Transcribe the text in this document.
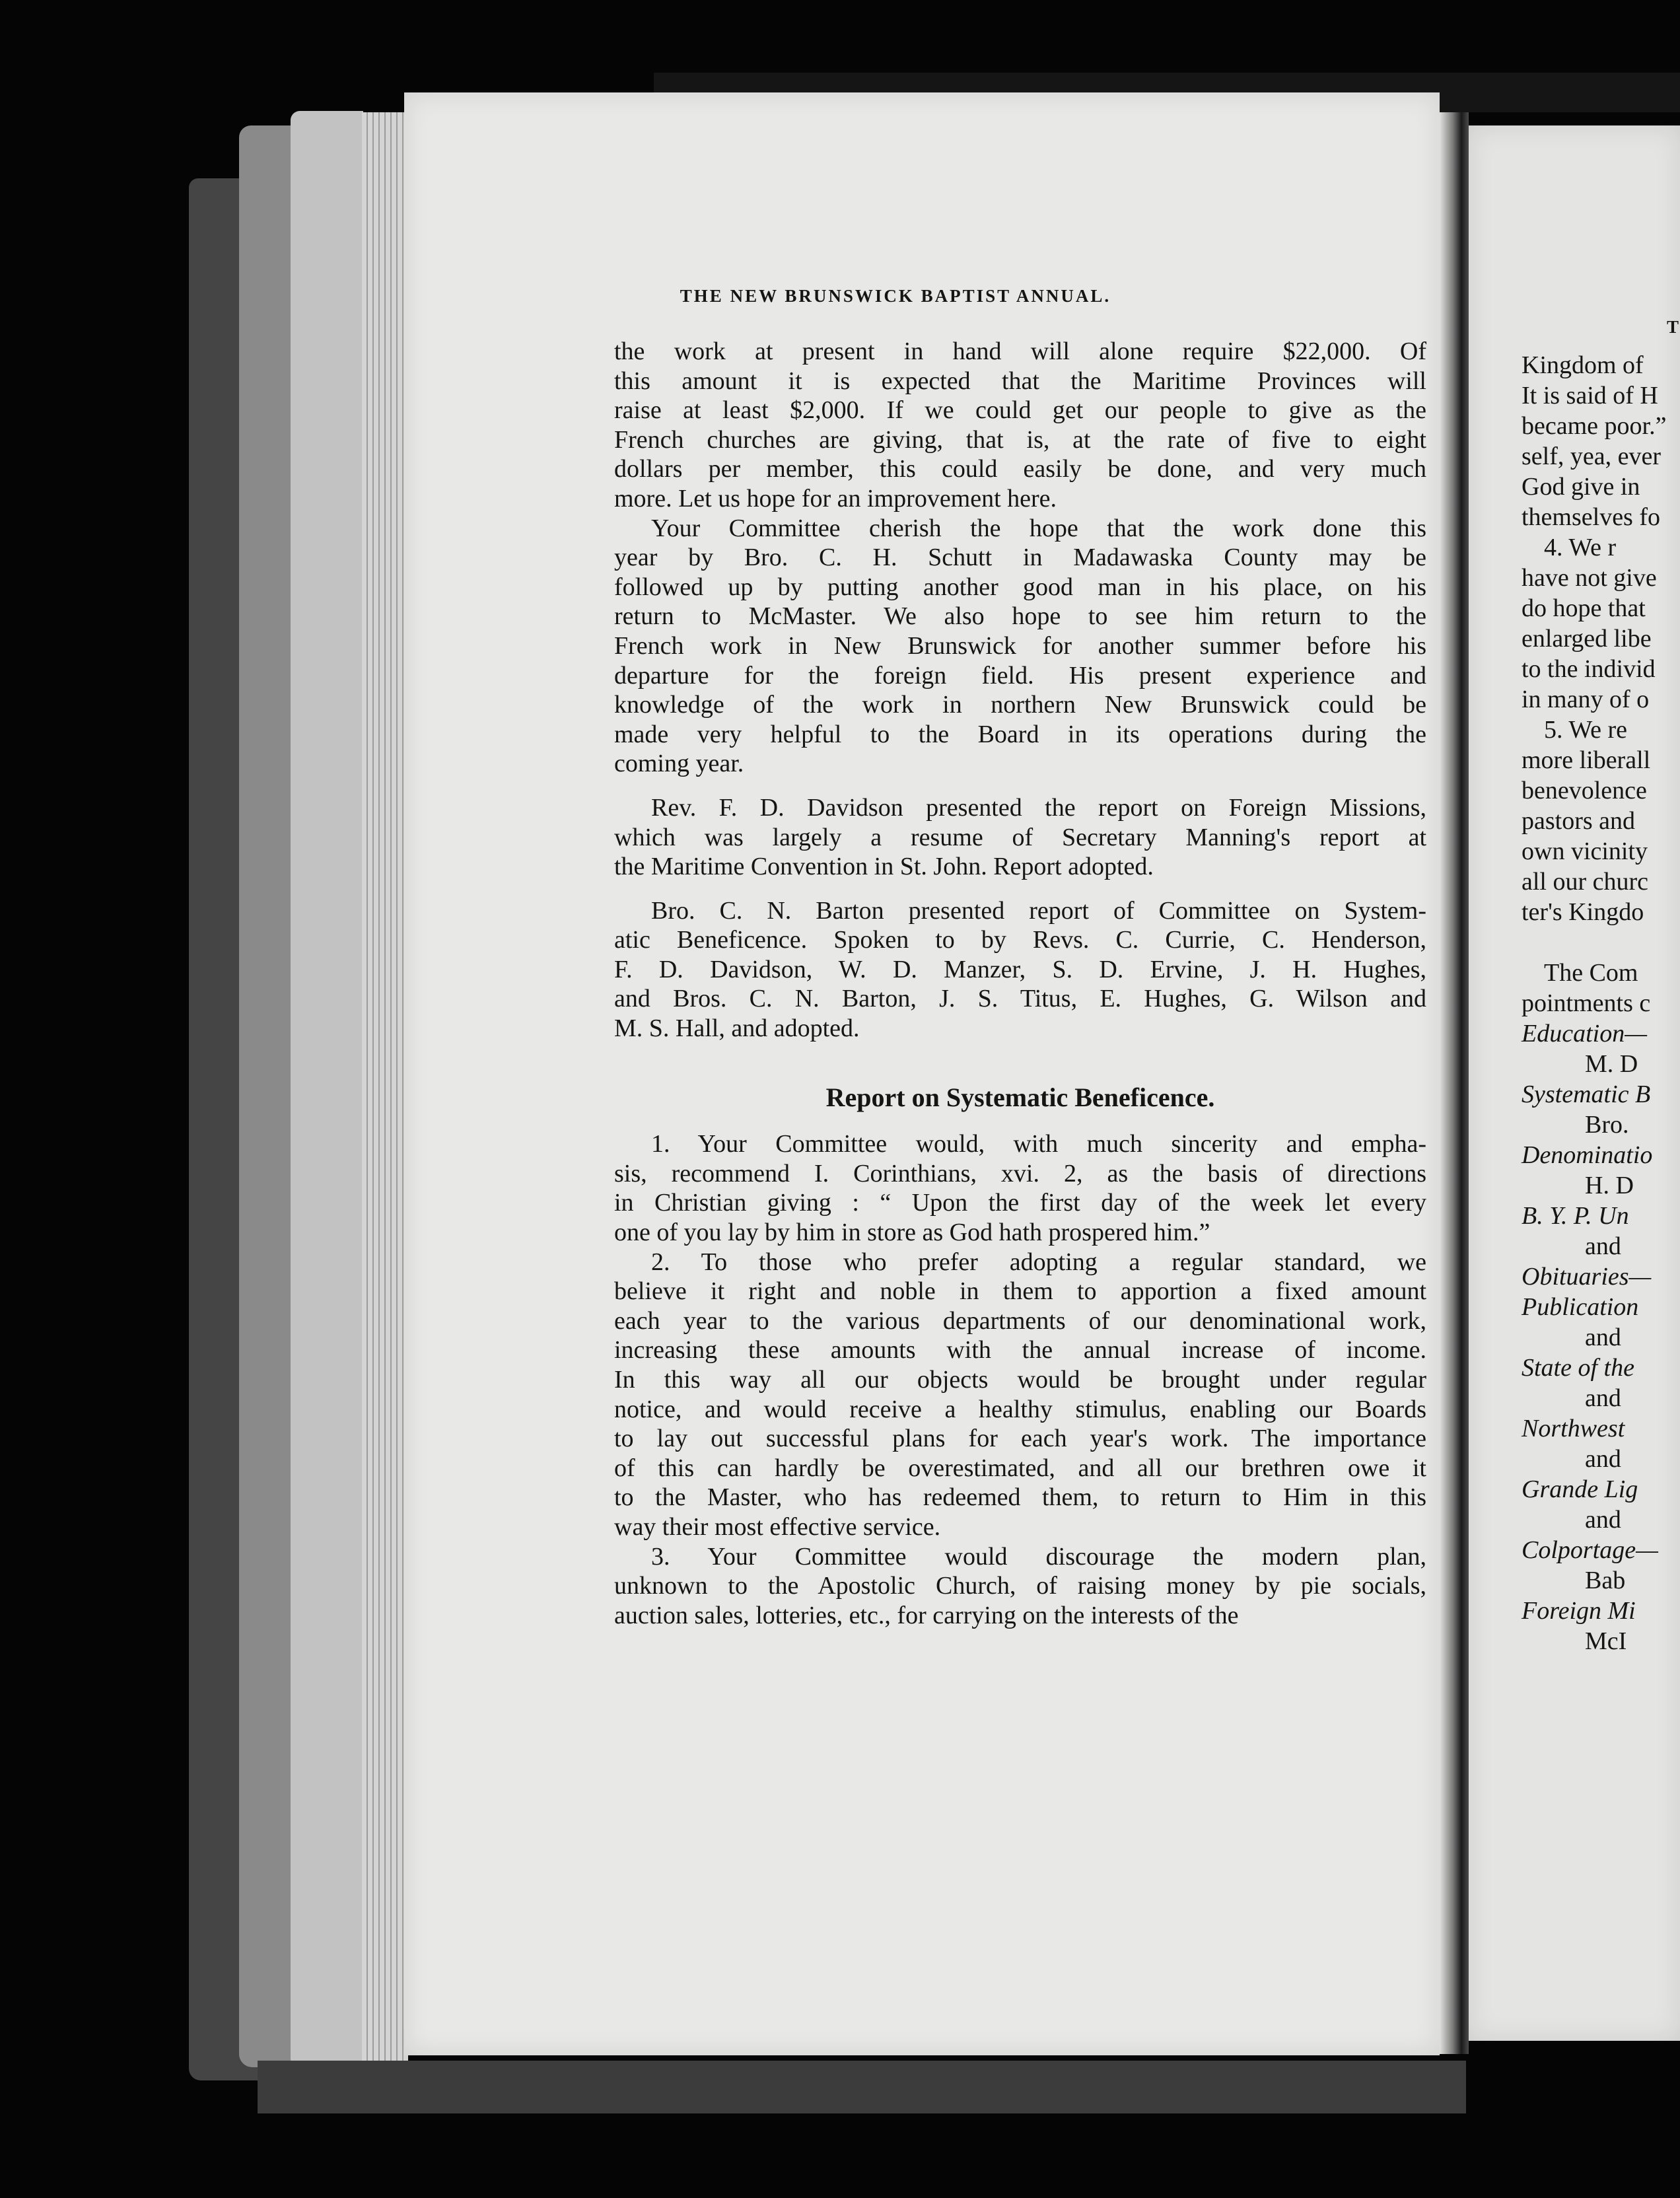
THE NEW BRUNSWICK BAPTIST ANNUAL.
the work at present in hand will alone require $22,000. Of
this amount it is expected that the Maritime Provinces will
raise at least $2,000. If we could get our people to give as the
French churches are giving, that is, at the rate of five to eight
dollars per member, this could easily be done, and very much
more. Let us hope for an improvement here.
Your Committee cherish the hope that the work done this
year by Bro. C. H. Schutt in Madawaska County may be
followed up by putting another good man in his place, on his
return to McMaster. We also hope to see him return to the
French work in New Brunswick for another summer before his
departure for the foreign field. His present experience and
knowledge of the work in northern New Brunswick could be
made very helpful to the Board in its operations during the
coming year.
Rev. F. D. Davidson presented the report on Foreign Missions,
which was largely a resume of Secretary Manning's report at
the Maritime Convention in St. John. Report adopted.
Bro. C. N. Barton presented report of Committee on System-
atic Beneficence. Spoken to by Revs. C. Currie, C. Henderson,
F. D. Davidson, W. D. Manzer, S. D. Ervine, J. H. Hughes,
and Bros. C. N. Barton, J. S. Titus, E. Hughes, G. Wilson and
M. S. Hall, and adopted.
Report on Systematic Beneficence.
1. Your Committee would, with much sincerity and empha-
sis, recommend I. Corinthians, xvi. 2, as the basis of directions
in Christian giving : “ Upon the first day of the week let every
one of you lay by him in store as God hath prospered him.”
2. To those who prefer adopting a regular standard, we
believe it right and noble in them to apportion a fixed amount
each year to the various departments of our denominational work,
increasing these amounts with the annual increase of income.
In this way all our objects would be brought under regular
notice, and would receive a healthy stimulus, enabling our Boards
to lay out successful plans for each year's work. The importance
of this can hardly be overestimated, and all our brethren owe it
to the Master, who has redeemed them, to return to Him in this
way their most effective service.
3. Your Committee would discourage the modern plan,
unknown to the Apostolic Church, of raising money by pie socials,
auction sales, lotteries, etc., for carrying on the interests of the
T
Kingdom of
It is said of H
became poor.”
self, yea, ever
God give in
themselves fo
4. We r
have not give
do hope that
enlarged libe
to the individ
in many of o
5. We re
more liberall
benevolence
pastors and
own vicinity
all our churc
ter's Kingdo
The Com
pointments c
Education—
M. D
Systematic B
Bro.
Denominatio
H. D
B. Y. P. Un
and
Obituaries—
Publication
and
State of the
and
Northwest
and
Grande Lig
and
Colportage—
Bab
Foreign Mi
McI
